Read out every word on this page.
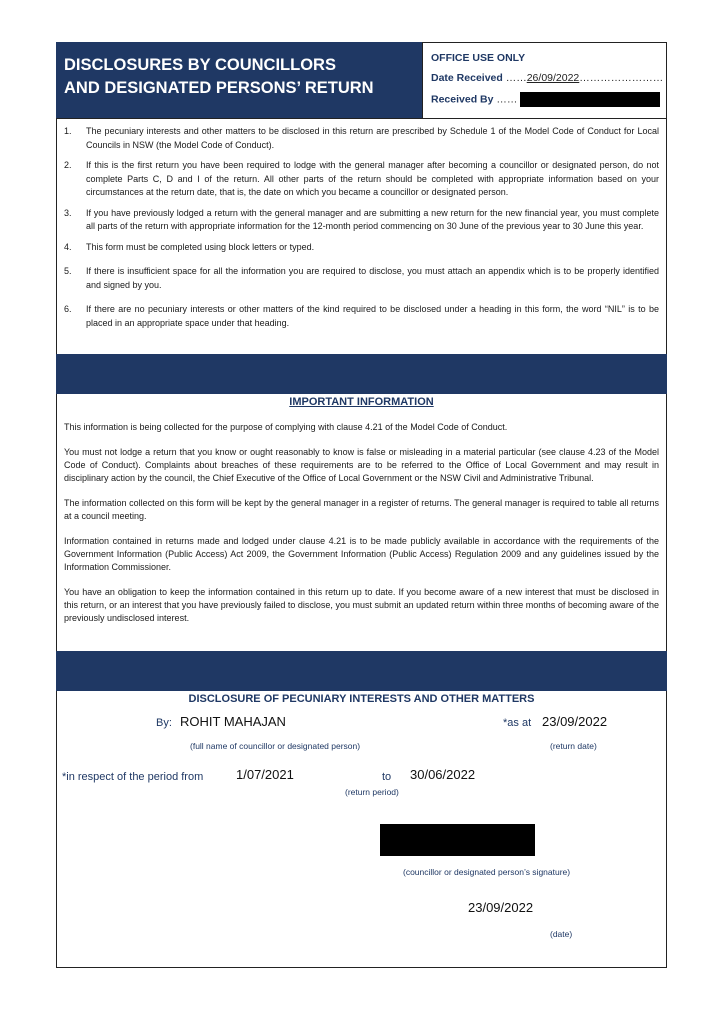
DISCLOSURES BY COUNCILLORS
AND DESIGNATED PERSONS’ RETURN
OFFICE USE ONLY
Date Received ……26/09/2022……………………
Received By ……
1.	The pecuniary interests and other matters to be disclosed in this return are prescribed by Schedule 1 of the Model Code of Conduct for Local Councils in NSW (the Model Code of Conduct).
2.	If this is the first return you have been required to lodge with the general manager after becoming a councillor or designated person, do not complete Parts C, D and I of the return. All other parts of the return should be completed with appropriate information based on your circumstances at the return date, that is, the date on which you became a councillor or designated person.
3.	If you have previously lodged a return with the general manager and are submitting a new return for the new financial year, you must complete all parts of the return with appropriate information for the 12-month period commencing on 30 June of the previous year to 30 June this year.
4.	This form must be completed using block letters or typed.
5.	If there is insufficient space for all the information you are required to disclose, you must attach an appendix which is to be properly identified and signed by you.
6.	If there are no pecuniary interests or other matters of the kind required to be disclosed under a heading in this form, the word “NIL” is to be placed in an appropriate space under that heading.
IMPORTANT INFORMATION

This information is being collected for the purpose of complying with clause 4.21 of the Model Code of Conduct.

You must not lodge a return that you know or ought reasonably to know is false or misleading in a material particular (see clause 4.23 of the Model Code of Conduct). Complaints about breaches of these requirements are to be referred to the Office of Local Government and may result in disciplinary action by the council, the Chief Executive of the Office of Local Government or the NSW Civil and Administrative Tribunal.

The information collected on this form will be kept by the general manager in a register of returns. The general manager is required to table all returns at a council meeting.

Information contained in returns made and lodged under clause 4.21 is to be made publicly available in accordance with the requirements of the Government Information (Public Access) Act 2009, the Government Information (Public Access) Regulation 2009 and any guidelines issued by the Information Commissioner.

You have an obligation to keep the information contained in this return up to date. If you become aware of a new interest that must be disclosed in this return, or an interest that you have previously failed to disclose, you must submit an updated return within three months of becoming aware of the previously undisclosed interest.

DISCLOSURE OF PECUNIARY INTERESTS AND OTHER MATTERS
By: ROHIT MAHAJAN	*as at 23/09/2022
(full name of councillor or designated person)	(return date)
*in respect of the period from	1/07/2021	to 30/06/2022
(return period)
(councillor or designated person’s signature)
23/09/2022
(date)
